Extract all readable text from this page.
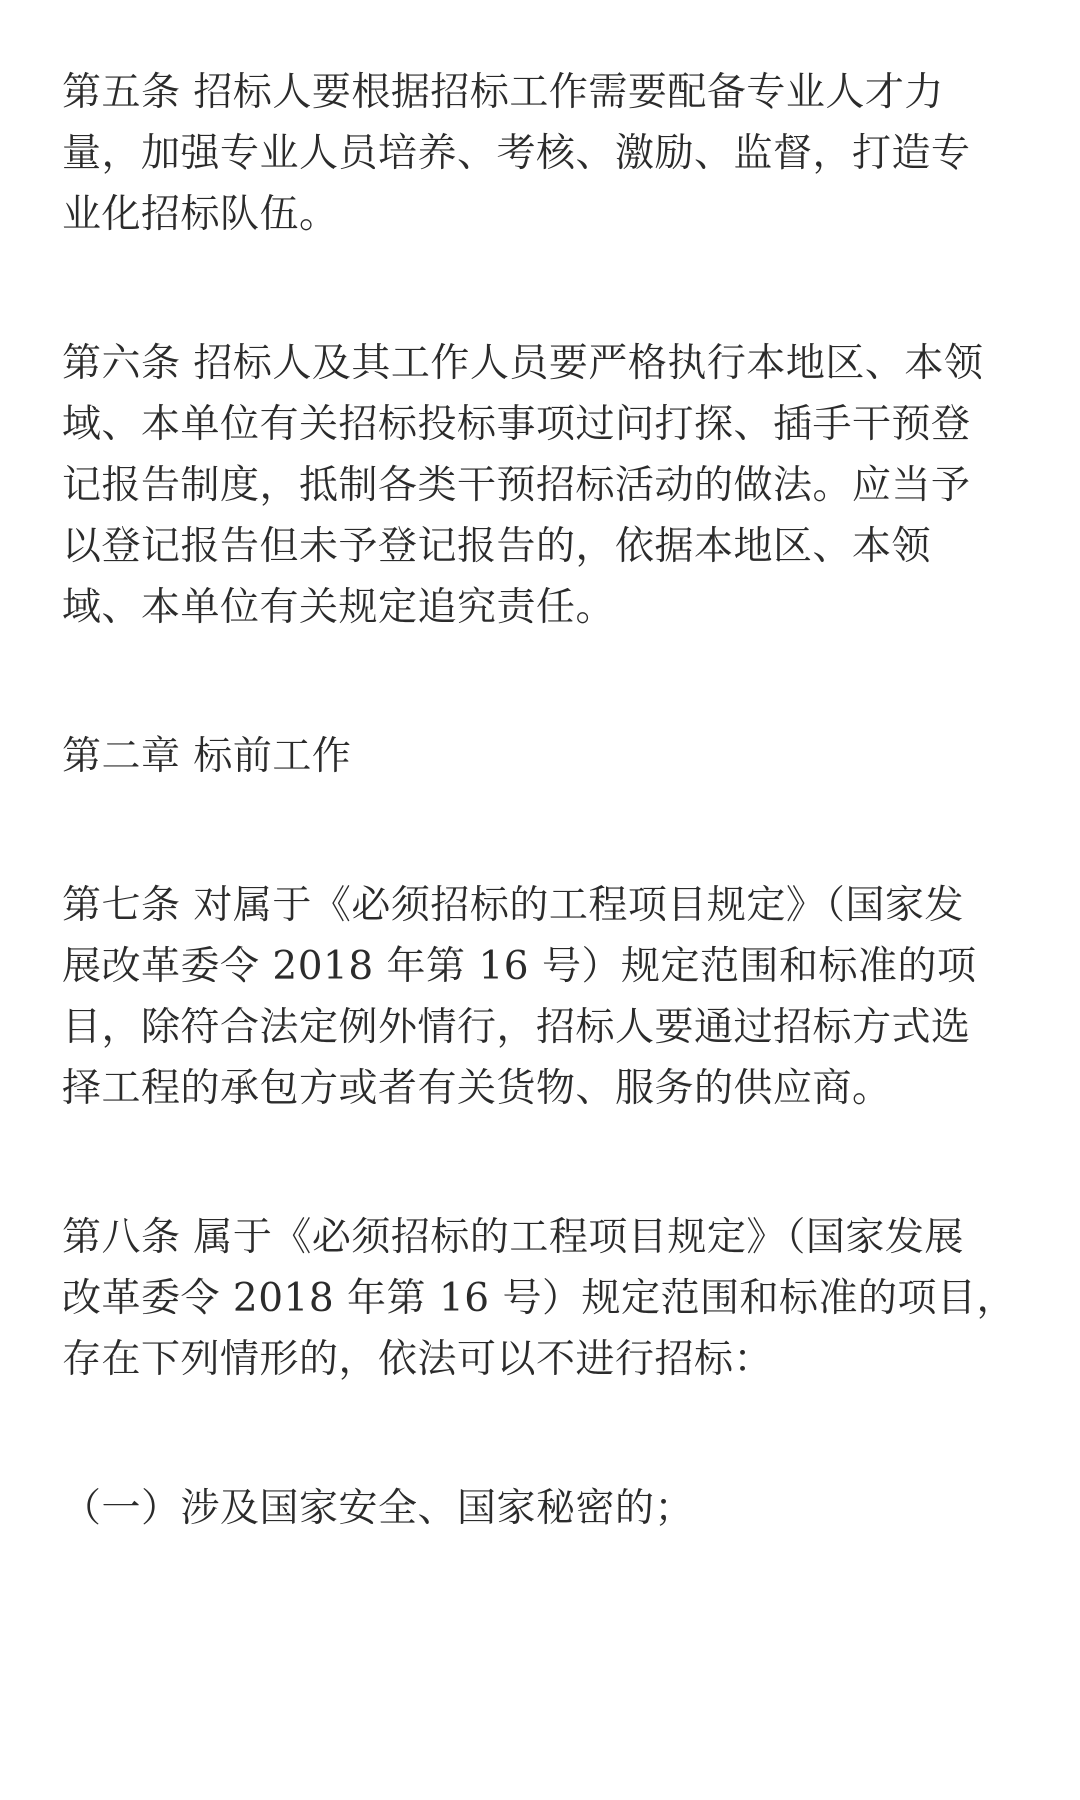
第五条 招标人要根据招标工作需要配备专业人才力
量，加强专业人员培养、考核、激励、监督，打造专
业化招标队伍。

第六条 招标人及其工作人员要严格执行本地区、本领
域、本单位有关招标投标事项过问打探、插手干预登
记报告制度，抵制各类干预招标活动的做法。应当予
以登记报告但未予登记报告的，依据本地区、本领
域、本单位有关规定追究责任。

第二章 标前工作

第七条 对属于《必须招标的工程项目规定》（国家发
展改革委令 2018 年第 16 号）规定范围和标准的项
目，除符合法定例外情行，招标人要通过招标方式选
择工程的承包方或者有关货物、服务的供应商。

第八条 属于《必须招标的工程项目规定》（国家发展
改革委令 2018 年第 16 号）规定范围和标准的项目，
存在下列情形的，依法可以不进行招标：

（一）涉及国家安全、国家秘密的；
